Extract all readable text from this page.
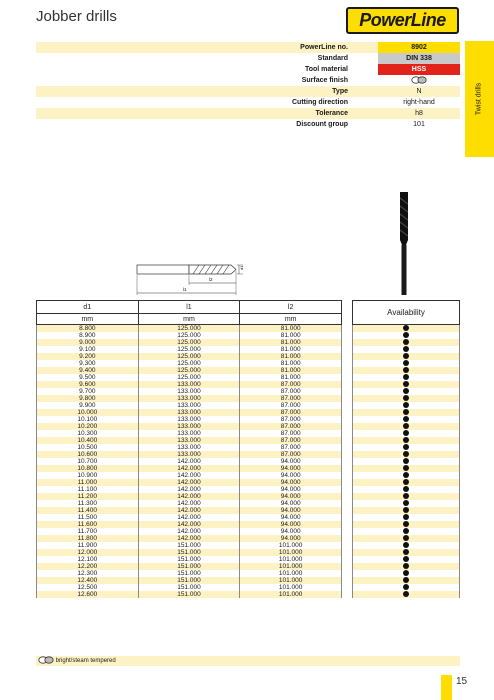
Jobber drills	PowerLine
PowerLine no.	8902
Standard	DIN 338
Tool material	HSS
Surface finish	
Type	N
Cutting direction	right-hand
Tolerance	h8
Discount group	101
Twist drills
d1
l2
l1
d1	l1	l2
mm	mm	mm
8.800	125.000	81.000
8.900	125.000	81.000
9.000	125.000	81.000
9.100	125.000	81.000
9.200	125.000	81.000
9.300	125.000	81.000
9.400	125.000	81.000
9.500	125.000	81.000
9.600	133.000	87.000
9.700	133.000	87.000
9.800	133.000	87.000
9.900	133.000	87.000
10.000	133.000	87.000
10.100	133.000	87.000
10.200	133.000	87.000
10.300	133.000	87.000
10.400	133.000	87.000
10.500	133.000	87.000
10.600	133.000	87.000
10.700	142.000	94.000
10.800	142.000	94.000
10.900	142.000	94.000
11.000	142.000	94.000
11.100	142.000	94.000
11.200	142.000	94.000
11.300	142.000	94.000
11.400	142.000	94.000
11.500	142.000	94.000
11.600	142.000	94.000
11.700	142.000	94.000
11.800	142.000	94.000
11.900	151.000	101.000
12.000	151.000	101.000
12.100	151.000	101.000
12.200	151.000	101.000
12.300	151.000	101.000
12.400	151.000	101.000
12.500	151.000	101.000
12.600	151.000	101.000
Availability

bright/steam tempered
15
